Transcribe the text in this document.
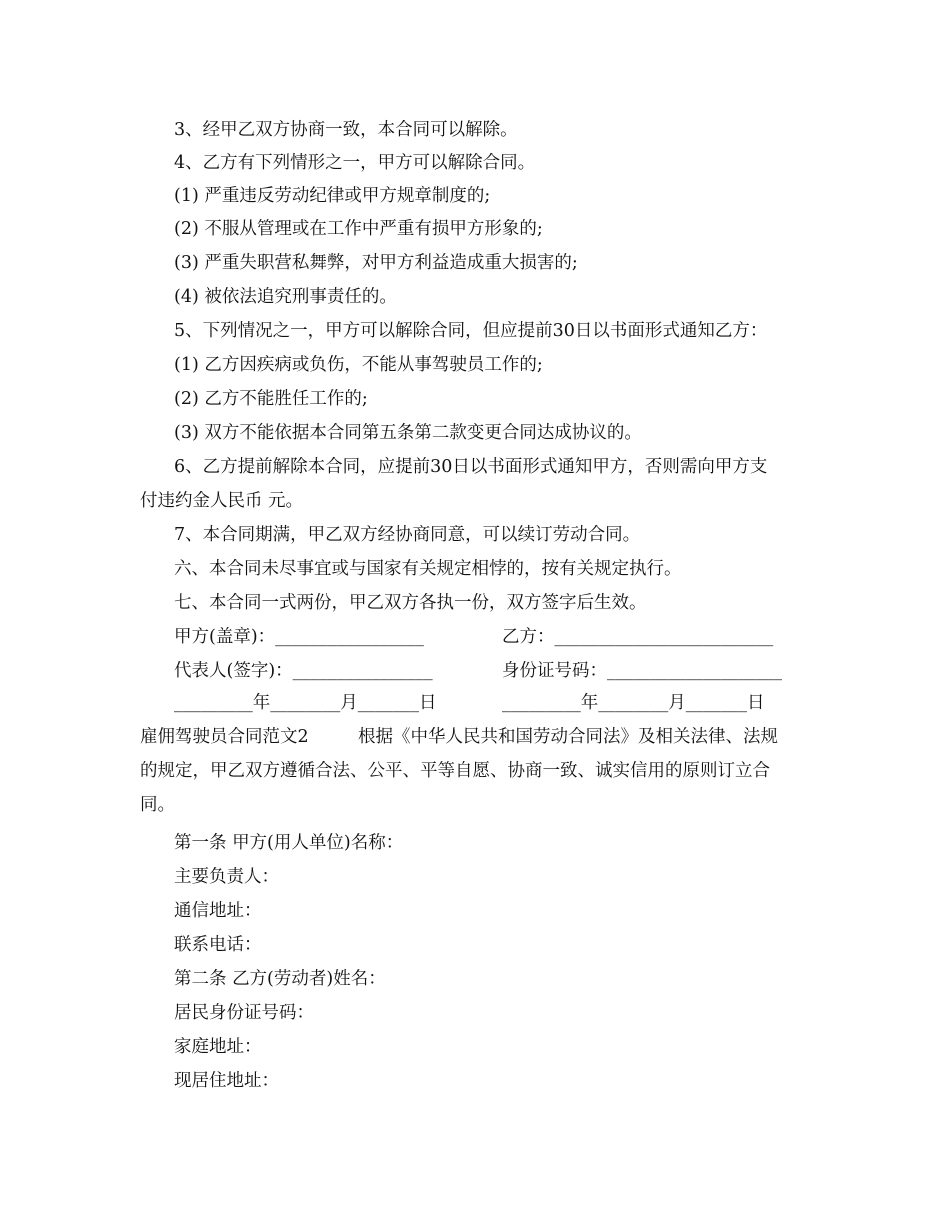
3、经甲乙双方协商一致，本合同可以解除。
4、乙方有下列情形之一，甲方可以解除合同。
(1) 严重违反劳动纪律或甲方规章制度的;
(2) 不服从管理或在工作中严重有损甲方形象的;
(3) 严重失职营私舞弊，对甲方利益造成重大损害的;
(4) 被依法追究刑事责任的。
5、下列情况之一，甲方可以解除合同，但应提前30日以书面形式通知乙方：
(1) 乙方因疾病或负伤，不能从事驾驶员工作的;
(2) 乙方不能胜任工作的;
(3) 双方不能依据本合同第五条第二款变更合同达成协议的。
6、乙方提前解除本合同，应提前30日以书面形式通知甲方，否则需向甲方支
付违约金人民币 元。
7、本合同期满，甲乙双方经协商同意，可以续订劳动合同。
六、本合同未尽事宜或与国家有关规定相悖的，按有关规定执行。
七、本合同一式两份，甲乙双方各执一份，双方签字后生效。
甲方(盖章)：_________________	乙方：_________________________
代表人(签字)：________________	身份证号码：____________________
_________年________月_______日	_________年________月_______日
雇佣驾驶员合同范文2	根据《中华人民共和国劳动合同法》及相关法律、法规
的规定，甲乙双方遵循合法、公平、平等自愿、协商一致、诚实信用的原则订立合
同。
第一条 甲方(用人单位)名称：
主要负责人：
通信地址：
联系电话：
第二条 乙方(劳动者)姓名：
居民身份证号码：
家庭地址：
现居住地址：
